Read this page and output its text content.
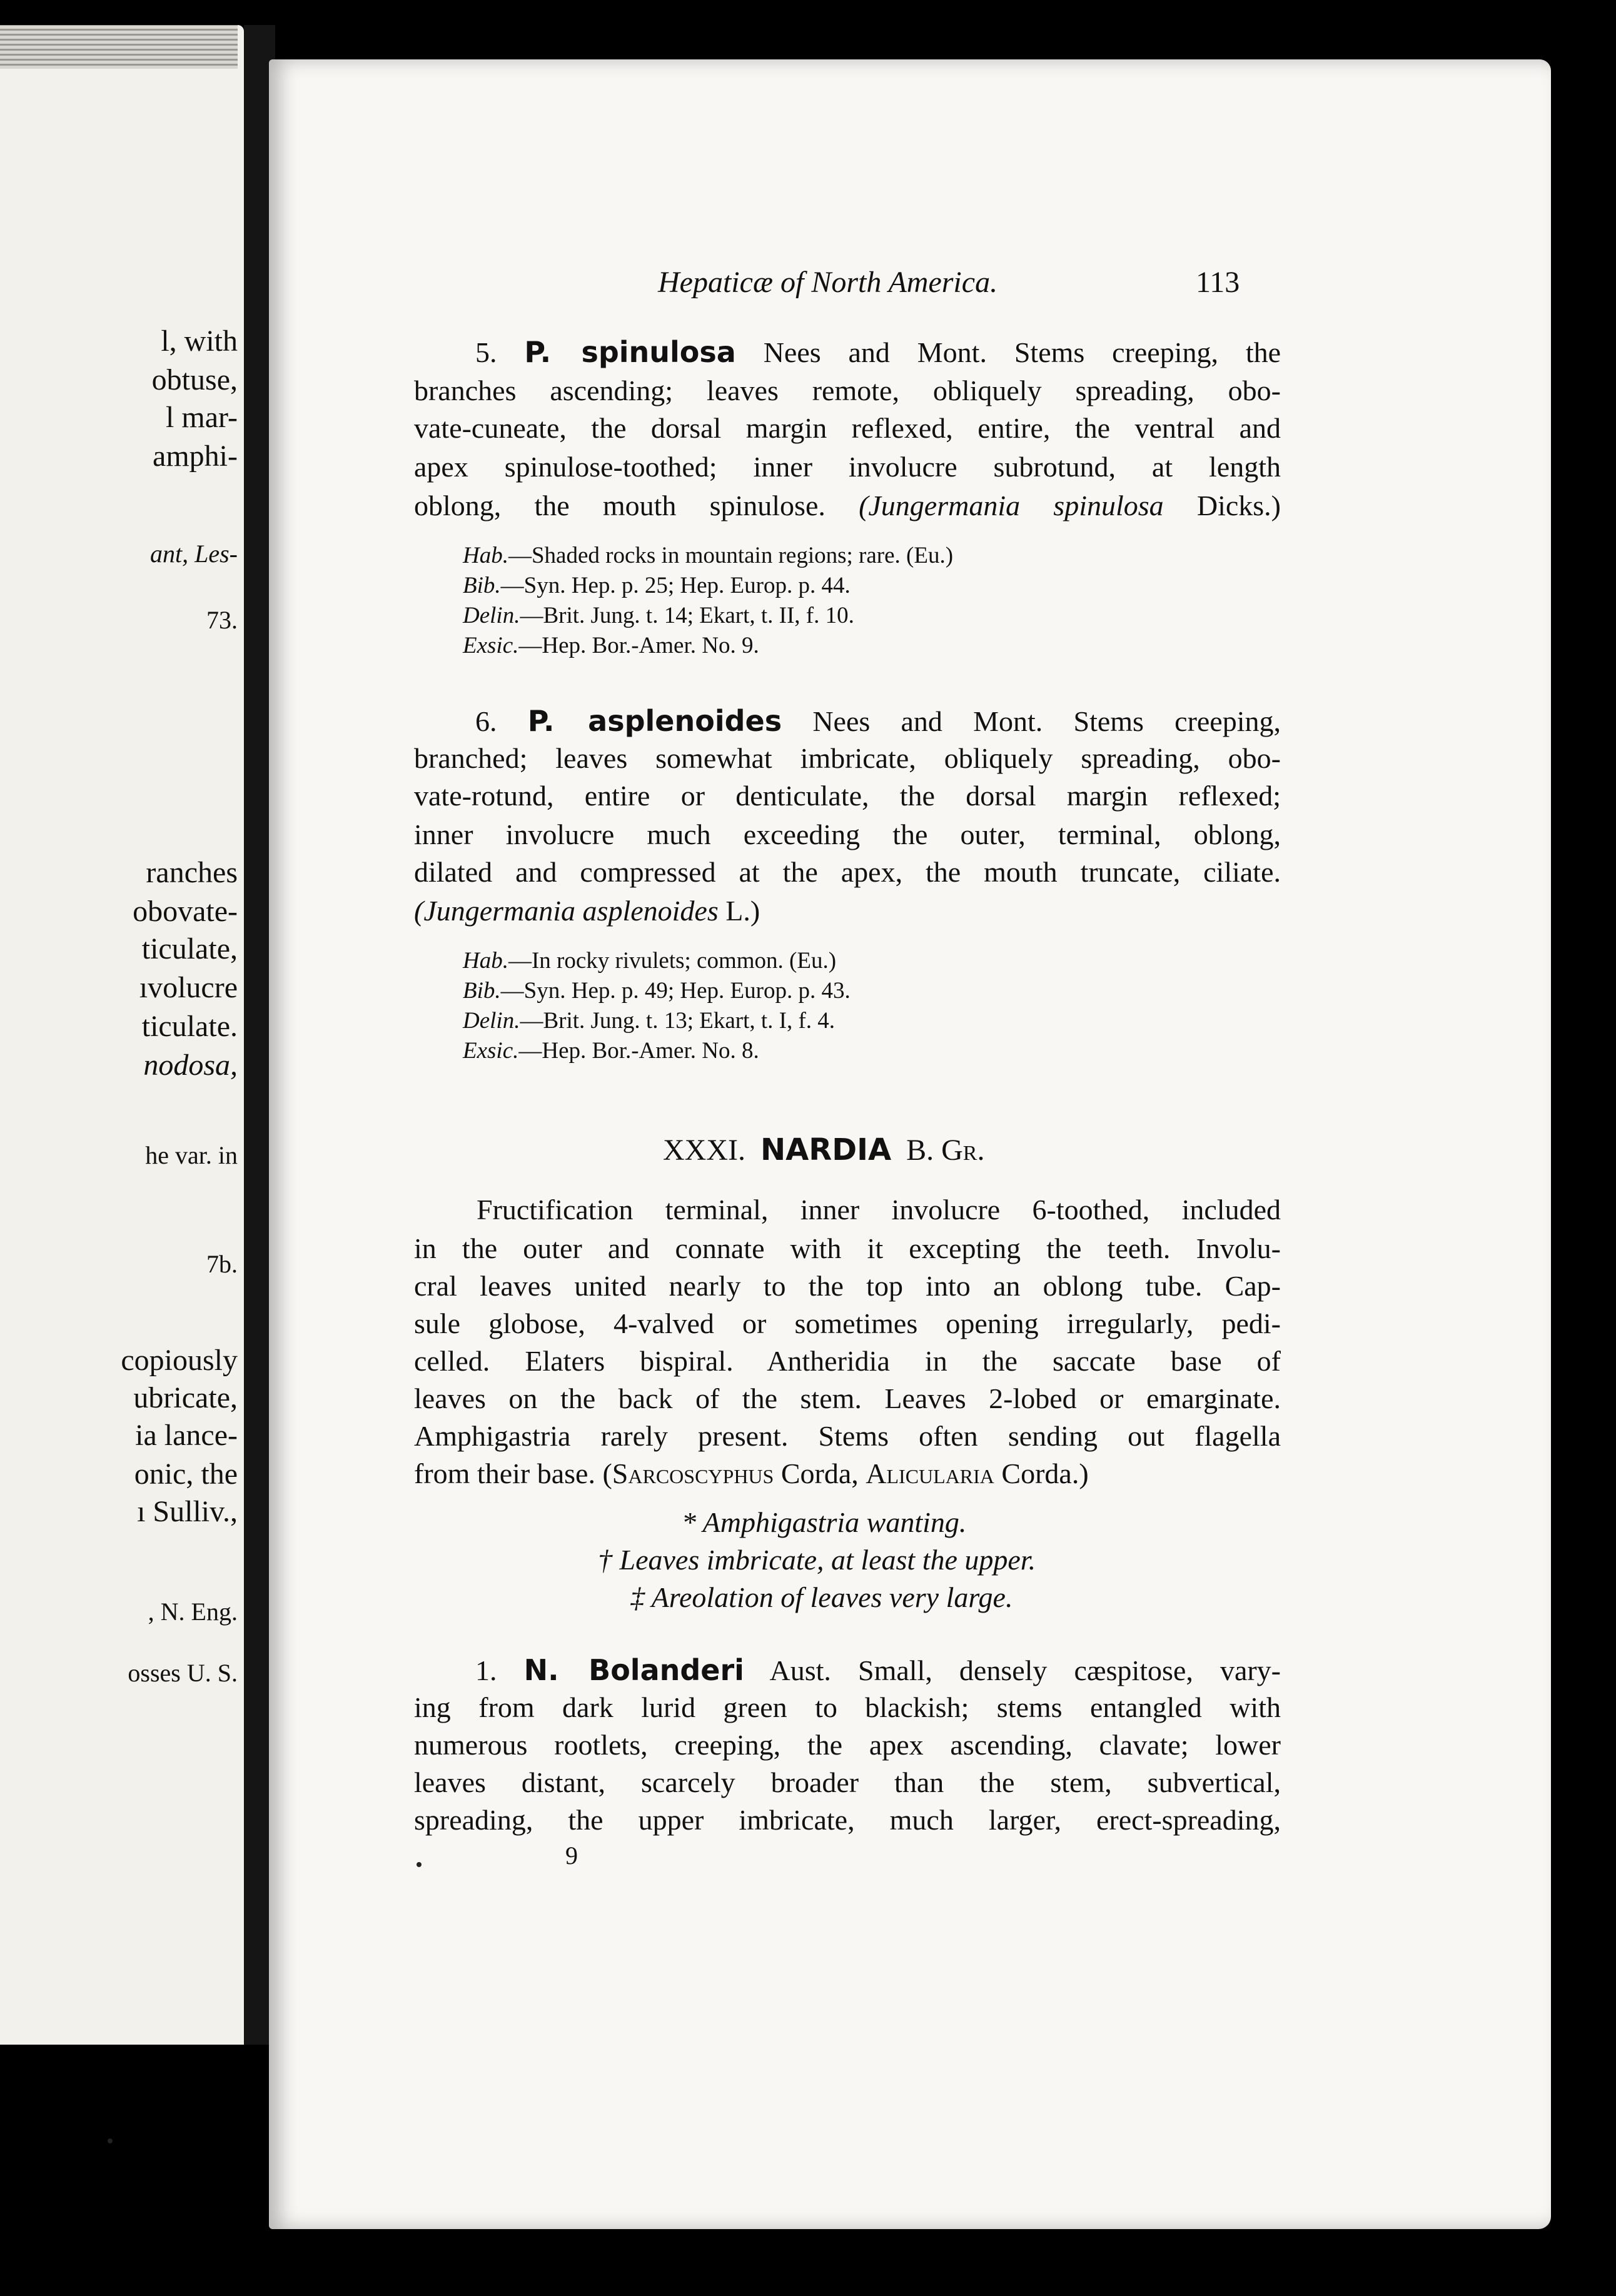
l, with
obtuse,
l mar-
amphi-
ant, Les-
73.
ranches
obovate-
ticulate,
ıvolucre
ticulate.
nodosa,
he var. in
7b.
copiously
ubricate,
ia lance-
onic, the
ı Sulliv.,
, N. Eng.
osses U. S.
Hepaticæ of North America.	113
5. P. spinulosa Nees and Mont. Stems creeping, the
branches ascending; leaves remote, obliquely spreading, obo-
vate-cuneate, the dorsal margin reflexed, entire, the ventral and
apex spinulose-toothed; inner involucre subrotund, at length
oblong, the mouth spinulose. (Jungermania spinulosa Dicks.)
Hab.—Shaded rocks in mountain regions; rare. (Eu.)
Bib.—Syn. Hep. p. 25; Hep. Europ. p. 44.
Delin.—Brit. Jung. t. 14; Ekart, t. II, f. 10.
Exsic.—Hep. Bor.-Amer. No. 9.
6. P. asplenoides Nees and Mont. Stems creeping,
branched; leaves somewhat imbricate, obliquely spreading, obo-
vate-rotund, entire or denticulate, the dorsal margin reflexed;
inner involucre much exceeding the outer, terminal, oblong,
dilated and compressed at the apex, the mouth truncate, ciliate.
(Jungermania asplenoides L.)
Hab.—In rocky rivulets; common. (Eu.)
Bib.—Syn. Hep. p. 49; Hep. Europ. p. 43.
Delin.—Brit. Jung. t. 13; Ekart, t. I, f. 4.
Exsic.—Hep. Bor.-Amer. No. 8.
XXXI. NARDIA B. Gr.
Fructification terminal, inner involucre 6-toothed, included
in the outer and connate with it excepting the teeth. Involu-
cral leaves united nearly to the top into an oblong tube. Cap-
sule globose, 4-valved or sometimes opening irregularly, pedi-
celled. Elaters bispiral. Antheridia in the saccate base of
leaves on the back of the stem. Leaves 2-lobed or emarginate.
Amphigastria rarely present. Stems often sending out flagella
from their base. (Sarcoscyphus Corda, Alicularia Corda.)
* Amphigastria wanting.
† Leaves imbricate, at least the upper.
‡ Areolation of leaves very large.
1. N. Bolanderi Aust. Small, densely cæspitose, vary-
ing from dark lurid green to blackish; stems entangled with
numerous rootlets, creeping, the apex ascending, clavate; lower
leaves distant, scarcely broader than the stem, subvertical,
spreading, the upper imbricate, much larger, erect-spreading,
9
